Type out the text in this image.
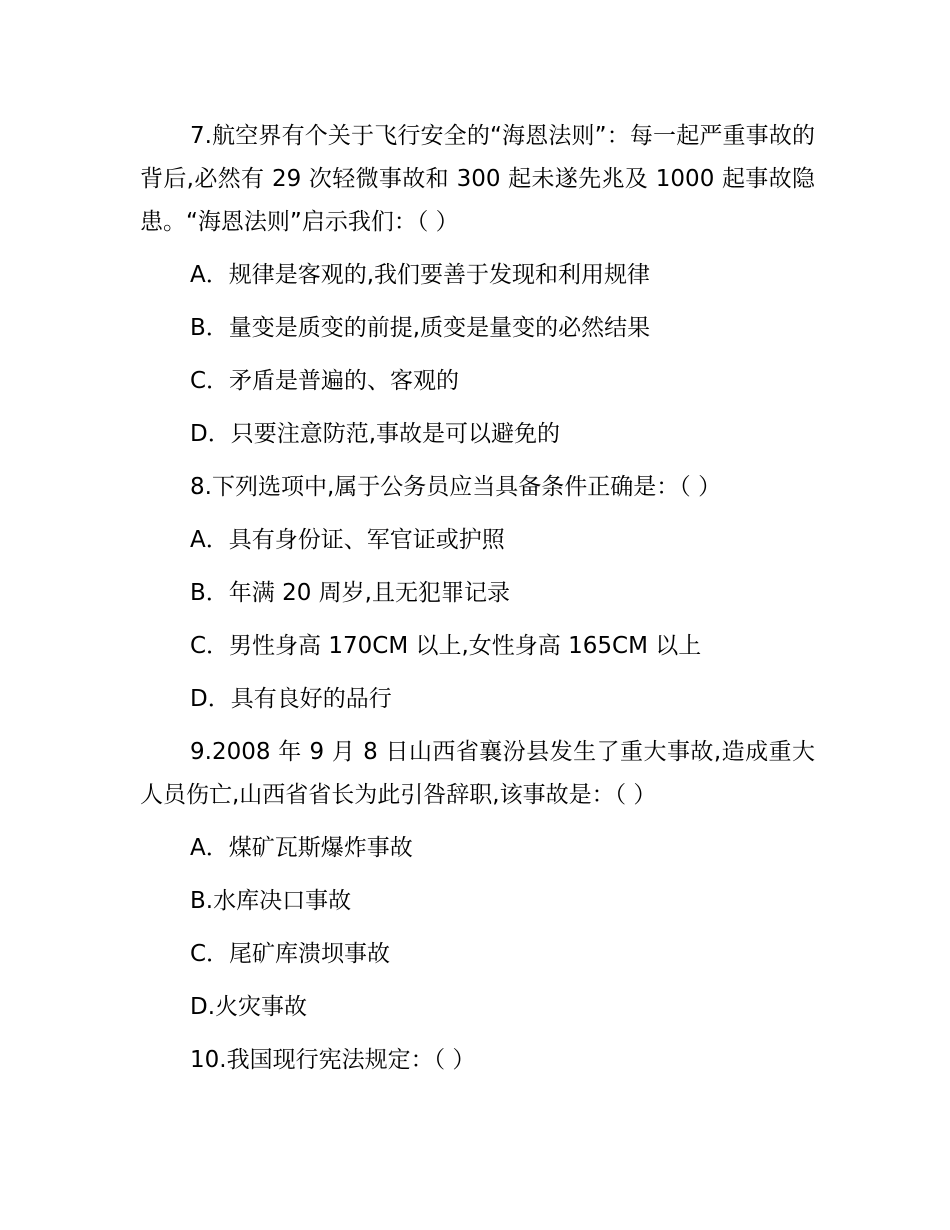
7.航空界有个关于飞行安全的“海恩法则”：每一起严重事故的背后,必然有 29 次轻微事故和 300 起未遂先兆及 1000 起事故隐患。“海恩法则”启示我们：（ ）

A．规律是客观的,我们要善于发现和利用规律

B．量变是质变的前提,质变是量变的必然结果

C．矛盾是普遍的、客观的

D．只要注意防范,事故是可以避免的

8.下列选项中,属于公务员应当具备条件正确是：（ ）

A．具有身份证、军官证或护照

B．年满 20 周岁,且无犯罪记录

C．男性身高 170CM 以上,女性身高 165CM 以上

D．具有良好的品行

9.2008 年 9 月 8 日山西省襄汾县发生了重大事故,造成重大人员伤亡,山西省省长为此引咎辞职,该事故是：（ ）

A．煤矿瓦斯爆炸事故

B.水库决口事故

C．尾矿库溃坝事故

D.火灾事故

10.我国现行宪法规定：（ ）
